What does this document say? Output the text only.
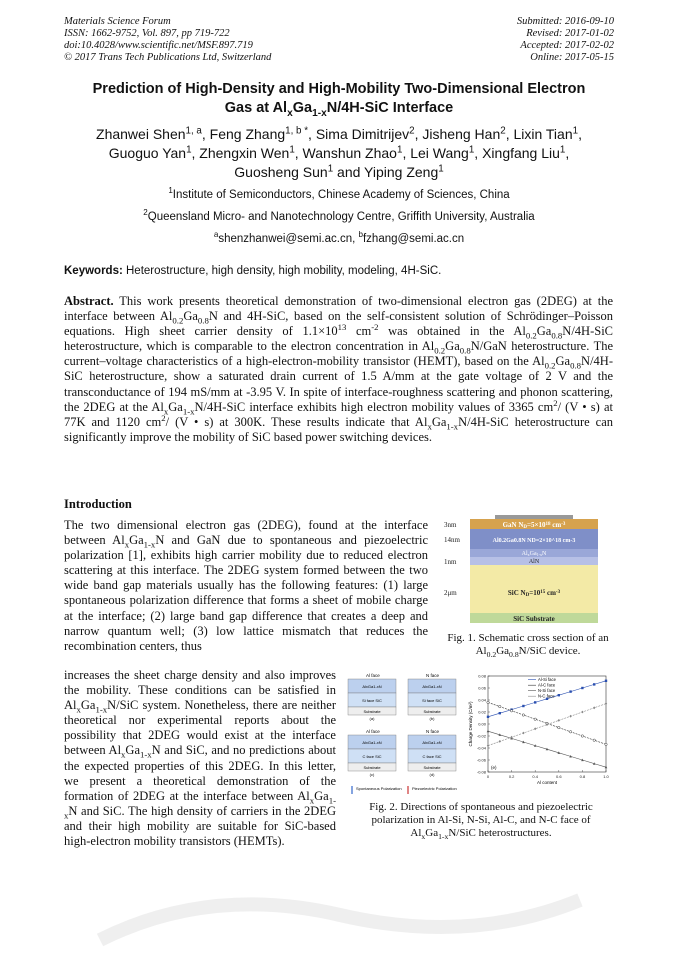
Materials Science Forum
ISSN: 1662-9752, Vol. 897, pp 719-722
doi:10.4028/www.scientific.net/MSF.897.719
© 2017 Trans Tech Publications Ltd, Switzerland
Submitted: 2016-09-10
Revised: 2017-01-02
Accepted: 2017-02-02
Online: 2017-05-15
Prediction of High-Density and High-Mobility Two-Dimensional Electron
Gas at $Al_xGa_{1-x}N/4H$-SiC Interface
Zhanwei Shen$^{1, a}$, Feng Zhang$^{1, b *}$, Sima Dimitrijev$^2$, Jisheng Han$^2$, Lixin Tian$^1$,
Guoguo Yan$^1$, Zhengxin Wen$^1$, Wanshun Zhao$^1$, Lei Wang$^1$, Xingfang Liu$^1$,
Guosheng Sun$^1$ and Yiping Zeng$^1$
$^1$Institute of Semiconductors, Chinese Academy of Sciences, China
$^2$Queensland Micro- and Nanotechnology Centre, Griffith University, Australia
$^a$shenzhanwei@semi.ac.cn, $^b$fzhang@semi.ac.cn
Keywords: Heterostructure, high density, high mobility, modeling, 4H-SiC.
Abstract. This work presents theoretical demonstration of two-dimensional electron gas (2DEG) at the interface between $Al_{0.2}Ga_{0.8}N$ and 4H-SiC, based on the self-consistent solution of Schrödinger–Poisson equations. High sheet carrier density of $1.1\times 10^{13}$ $cm^{-2}$ was obtained in the $Al_{0.2}Ga_{0.8}N/4H$-SiC heterostructure, which is comparable to the electron concentration in $Al_{0.2}Ga_{0.8}N$/GaN heterostructure. The current–voltage characteristics of a high-electron-mobility transistor (HEMT), based on the $Al_{0.2}Ga_{0.8}N/4H$-SiC heterostructure, show a saturated drain current of 1.5 A/mm at the gate voltage of 2 V and the transconductance of 194 mS/mm at -3.95 V. In spite of interface-roughness scattering and phonon scattering, the 2DEG at the $Al_xGa_{1-x}N/4H$-SiC interface exhibits high electron mobility values of 3365 $cm^2/$ (V • s) at 77K and 1120 $cm^2/$ (V • s) at 300K. These results indicate that $Al_xGa_{1-x}N/4H$-SiC heterostructure can significantly improve the mobility of SiC based power switching devices.
Introduction
The two dimensional electron gas (2DEG), found at the interface between $Al_xGa_{1-x}N$ and GaN due to spontaneous and piezoelectric polarization [1], exhibits high carrier mobility due to reduced electron scattering at this interface. The 2DEG system formed between the two wide band gap materials usually has the following features: (1) large spontaneous polarization difference that forms a sheet of mobile charge at the interface; (2) large band gap difference that creates a deep and narrow quantum well; (3) low lattice mismatch that reduces the recombination centers, thus
increases the sheet charge density and also improves the mobility. These conditions can be satisfied in $Al_xGa_{1-x}N$/SiC system. Nonetheless, there are neither theoretical nor experimental reports about the possibility that 2DEG would exist at the interface between $Al_xGa_{1-x}N$ and SiC, and no predictions about the expected properties of this 2DEG. In this letter, we present a theoretical demonstration of the formation of 2DEG at the interface between $Al_xGa_{1-x}N$ and SiC. The high density of carriers in the 2DEG and their high mobility are suitable for SiC-based high-electron mobility transistors (HEMTs).
3nm
14nm
1nm
2μm
GaN $ND=5\times 10^{18}$ $cm^{-3}$
Al0.2Ga0.8N ND=2×10^18 cm-3
AlxGa1-xN
AlN
SiC $ND=10^{15}$ $cm^{-3}$
SiC Substrate
Fig. 1. Schematic cross section of an
$Al_{0.2}Ga_{0.8}N$/SiC device.
Al face
AlxGa1-xN
Si face SiC
Substrate
(a)
N face
AlxGa1-xN
Si face SiC
Substrate
(b)
Al face
AlxGa1-xN
C face SiC
Substrate
(c)
N face
AlxGa1-xN
C face SiC
Substrate
(d)
Spontaneous Polarization	Piezoelectric Polarization
0.08
0.06
0.04
0.02
0.00
-0.02
-0.04
-0.06
-0.08
0	0.2	0.4	0.6	0.8	1.0
Al content
Charge Density (C/m²)
(e)
Al-Si face
Al-C face
N-Si face
N-C face
Fig. 2. Directions of spontaneous and piezoelectric
polarization in Al-Si, N-Si, Al-C, and N-C face of
$Al_xGa_{1-x}N$/SiC heterostructures.
